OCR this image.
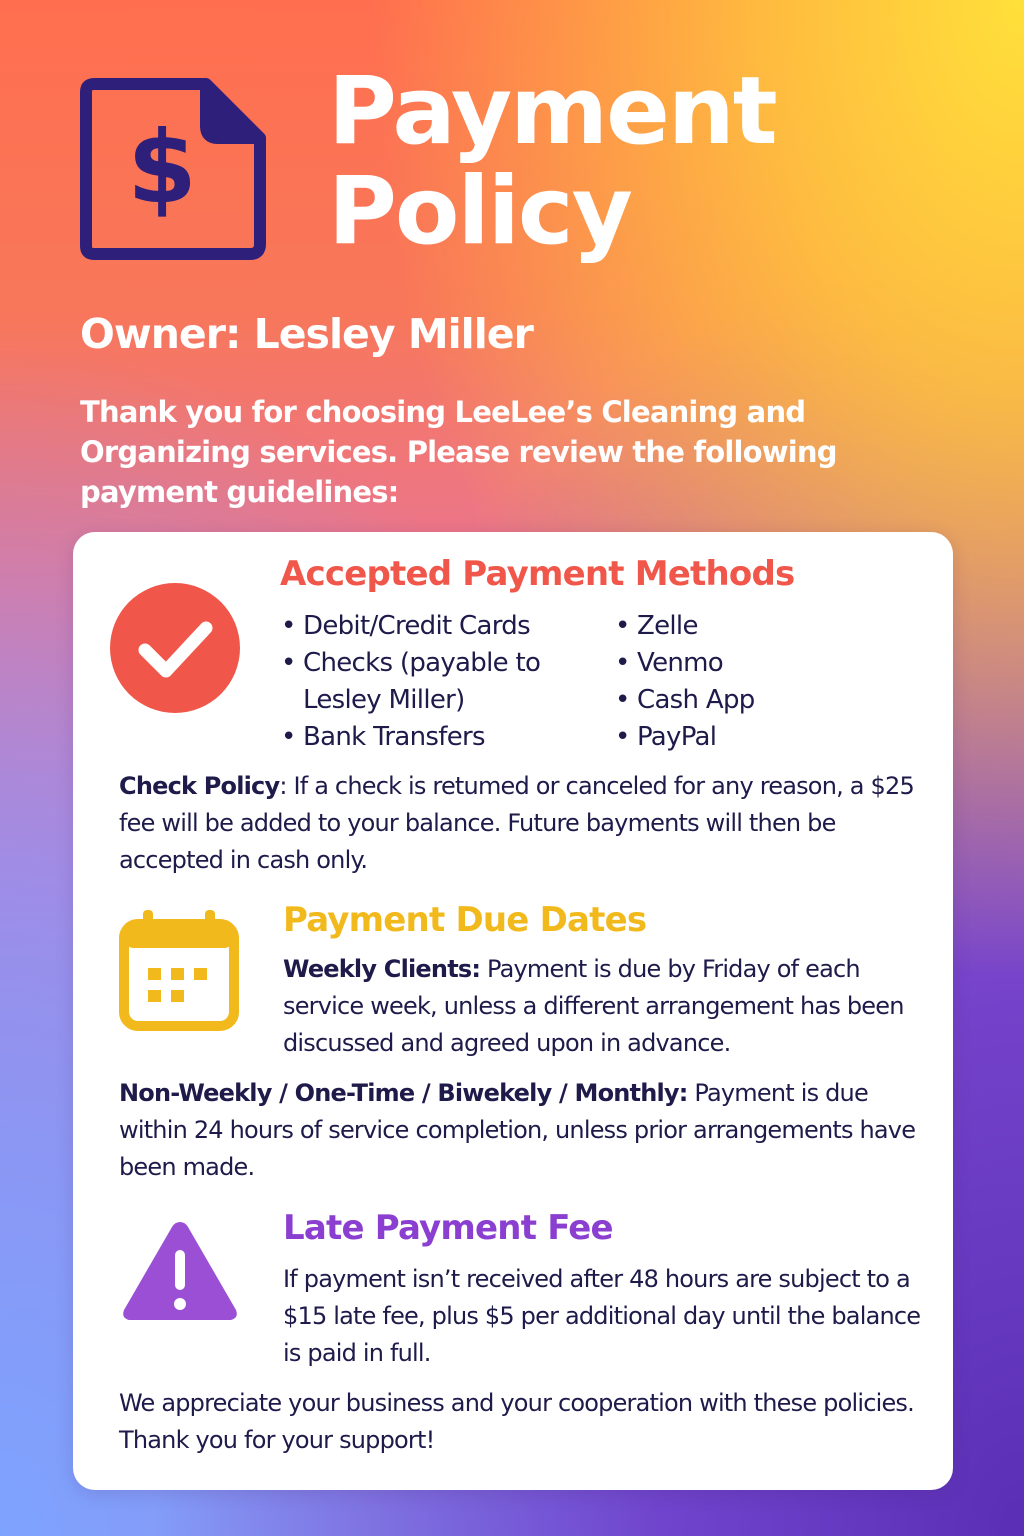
$ Payment
Policy

Owner: Lesley Miller

Thank you for choosing LeeLee’s Cleaning and Organizing services. Please review the following payment guidelines:

Accepted Payment Methods
• Debit/Credit Cards
• Checks (payable to Lesley Miller)
• Bank Transfers
• Zelle
• Venmo
• Cash App
• PayPal

Check Policy: If a check is retumed or canceled for any reason, a $25 fee will be added to your balance. Future bayments will then be accepted in cash only.

Payment Due Dates

Weekly Clients: Payment is due by Friday of each service week, unless a different arrangement has been discussed and agreed upon in advance.

Non-Weekly / One-Time / Biwekely / Monthly: Payment is due within 24 hours of service completion, unless prior arrangements have been made.

Late Payment Fee

If payment isn’t received after 48 hours are subject to a $15 late fee, plus $5 per additional day until the balance is paid in full.

We appreciate your business and your cooperation with these policies. Thank you for your support!
